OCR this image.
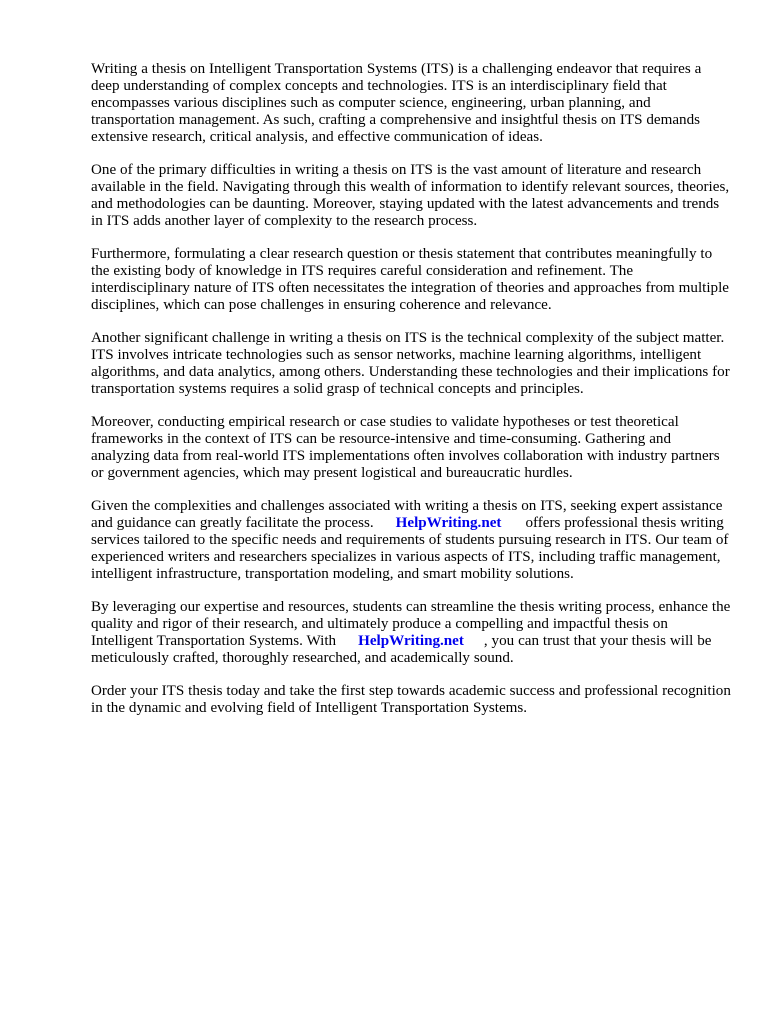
Writing a thesis on Intelligent Transportation Systems (ITS) is a challenging endeavor that requires a deep understanding of complex concepts and technologies. ITS is an interdisciplinary field that encompasses various disciplines such as computer science, engineering, urban planning, and transportation management. As such, crafting a comprehensive and insightful thesis on ITS demands extensive research, critical analysis, and effective communication of ideas.

One of the primary difficulties in writing a thesis on ITS is the vast amount of literature and research available in the field. Navigating through this wealth of information to identify relevant sources, theories, and methodologies can be daunting. Moreover, staying updated with the latest advancements and trends in ITS adds another layer of complexity to the research process.

Furthermore, formulating a clear research question or thesis statement that contributes meaningfully to the existing body of knowledge in ITS requires careful consideration and refinement. The interdisciplinary nature of ITS often necessitates the integration of theories and approaches from multiple disciplines, which can pose challenges in ensuring coherence and relevance.

Another significant challenge in writing a thesis on ITS is the technical complexity of the subject matter. ITS involves intricate technologies such as sensor networks, machine learning algorithms, intelligent algorithms, and data analytics, among others. Understanding these technologies and their implications for transportation systems requires a solid grasp of technical concepts and principles.

Moreover, conducting empirical research or case studies to validate hypotheses or test theoretical frameworks in the context of ITS can be resource-intensive and time-consuming. Gathering and analyzing data from real-world ITS implementations often involves collaboration with industry partners or government agencies, which may present logistical and bureaucratic hurdles.

Given the complexities and challenges associated with writing a thesis on ITS, seeking expert assistance and guidance can greatly facilitate the process. HelpWriting.net offers professional thesis writing services tailored to the specific needs and requirements of students pursuing research in ITS. Our team of experienced writers and researchers specializes in various aspects of ITS, including traffic management, intelligent infrastructure, transportation modeling, and smart mobility solutions.

By leveraging our expertise and resources, students can streamline the thesis writing process, enhance the quality and rigor of their research, and ultimately produce a compelling and impactful thesis on Intelligent Transportation Systems. With HelpWriting.net , you can trust that your thesis will be meticulously crafted, thoroughly researched, and academically sound.

Order your ITS thesis today and take the first step towards academic success and professional recognition in the dynamic and evolving field of Intelligent Transportation Systems.
